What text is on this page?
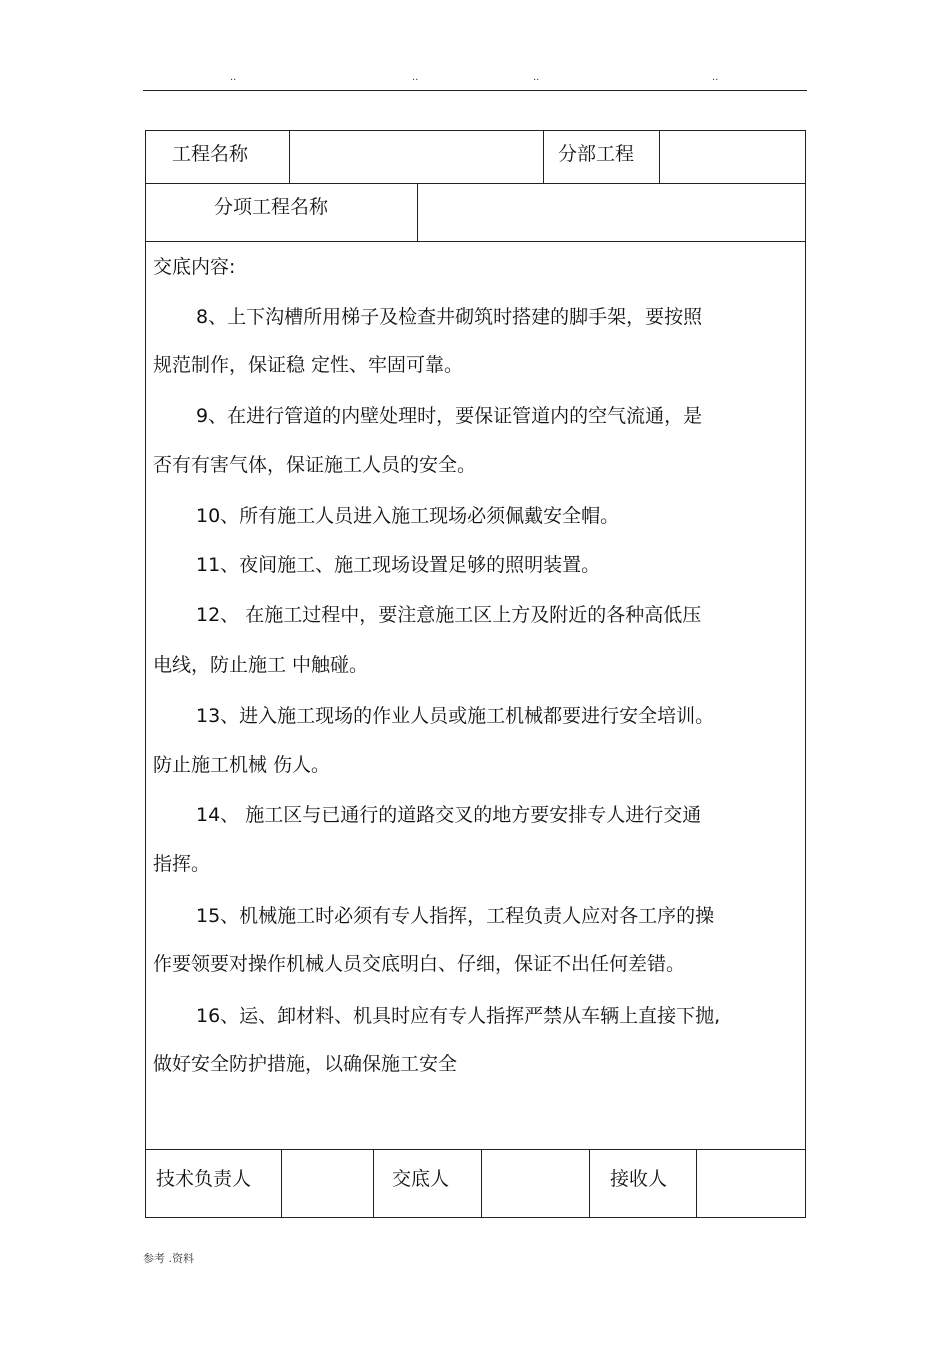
..	..	..	..
工程名称	分部工程
分项工程名称
交底内容:
8、上下沟槽所用梯子及检查井砌筑时搭建的脚手架，要按照
规范制作，保证稳 定性、牢固可靠。
9、在进行管道的内壁处理时，要保证管道内的空气流通，是
否有有害气体，保证施工人员的安全。
10、所有施工人员进入施工现场必须佩戴安全帽。
11、夜间施工、施工现场设置足够的照明装置。
12、 在施工过程中，要注意施工区上方及附近的各种高低压
电线，防止施工 中触碰。
13、进入施工现场的作业人员或施工机械都要进行安全培训。
防止施工机械 伤人。
14、 施工区与已通行的道路交叉的地方要安排专人进行交通
指挥。
15、机械施工时必须有专人指挥，工程负责人应对各工序的操
作要领要对操作机械人员交底明白、仔细，保证不出任何差错。
16、运、卸材料、机具时应有专人指挥严禁从车辆上直接下抛,
做好安全防护措施，以确保施工安全
技术负责人	交底人	接收人
参考 .资料
